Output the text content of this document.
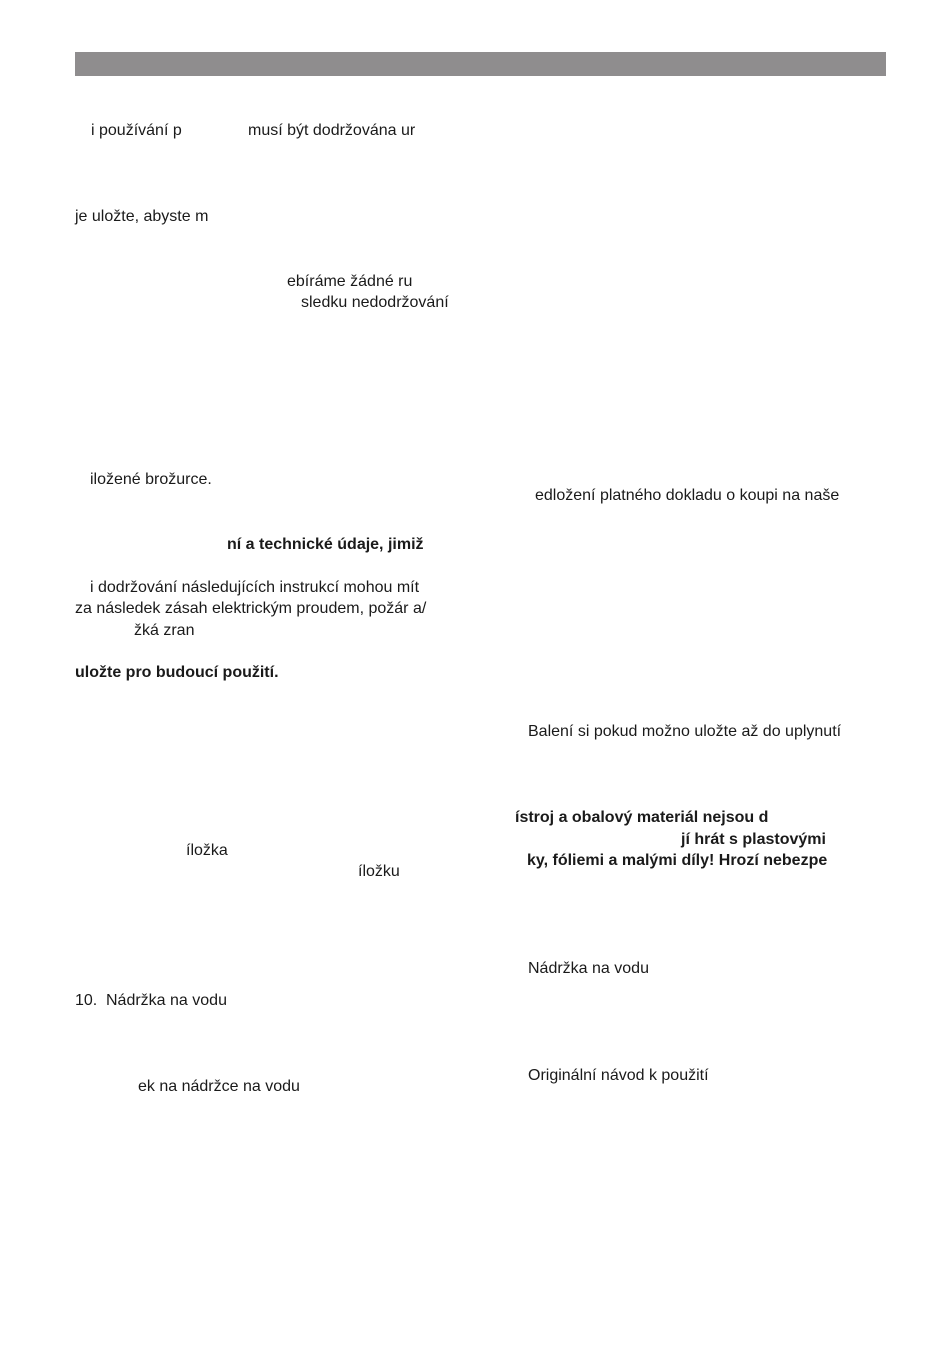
i používání p	musí být dodržována ur
je uložte, abyste m
ebíráme žádné ru
sledku nedodržování
iložené brožurce.
ní a technické údaje, jimiž
i dodržování následujících instrukcí mohou mít
za následek zásah elektrickým proudem, požár a/
žká zran
uložte pro budoucí použití.
íložka
íložku
10. Nádržka na vodu
ek na nádržce na vodu
edložení platného dokladu o koupi na naše
Balení si pokud možno uložte až do uplynutí
ístroj a obalový materiál nejsou d
jí hrát s plastovými
ky, fóliemi a malými díly! Hrozí nebezpe
Nádržka na vodu
Originální návod k použití
